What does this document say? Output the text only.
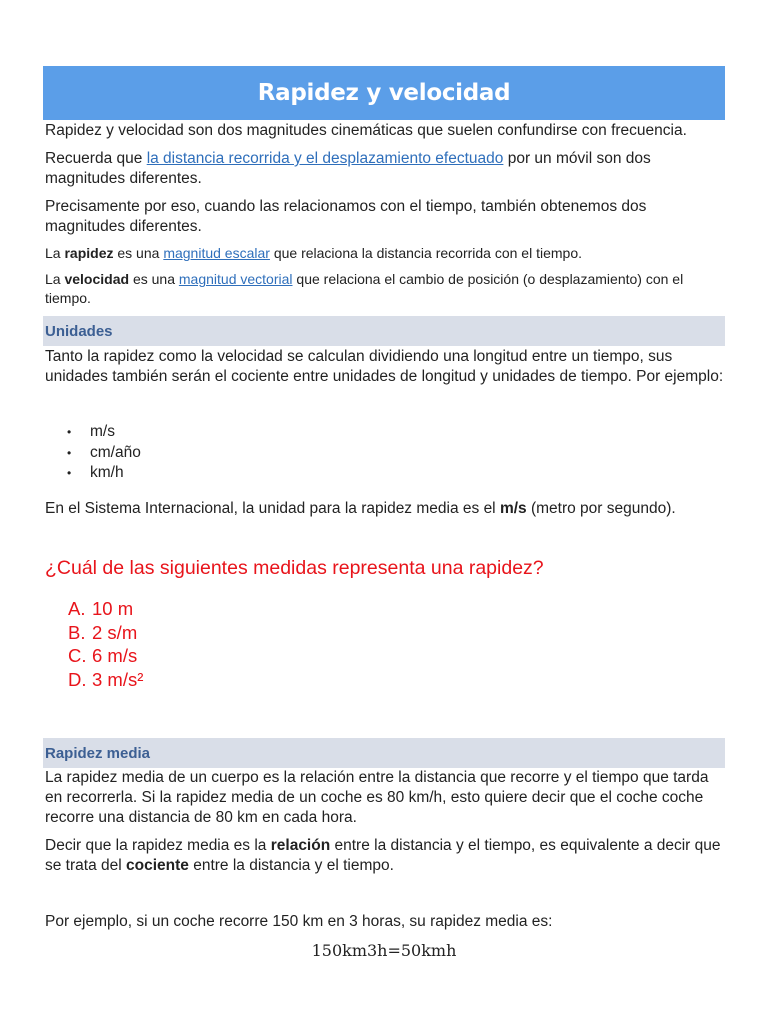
Rapidez y velocidad
Rapidez y velocidad son dos magnitudes cinemáticas que suelen confundirse con frecuencia.
Recuerda que la distancia recorrida y el desplazamiento efectuado por un móvil son dos magnitudes diferentes.
Precisamente por eso, cuando las relacionamos con el tiempo, también obtenemos dos magnitudes diferentes.
La rapidez es una magnitud escalar que relaciona la distancia recorrida con el tiempo.
La velocidad es una magnitud vectorial que relaciona el cambio de posición (o desplazamiento) con el tiempo.
Unidades
Tanto la rapidez como la velocidad se calculan dividiendo una longitud entre un tiempo, sus unidades también serán el cociente entre unidades de longitud y unidades de tiempo. Por ejemplo:
• m/s
• cm/año
• km/h
En el Sistema Internacional, la unidad para la rapidez media es el m/s (metro por segundo).
¿Cuál de las siguientes medidas representa una rapidez?
A. 10 m
B. 2 s/m
C. 6 m/s
D. 3 m/s²
Rapidez media
La rapidez media de un cuerpo es la relación entre la distancia que recorre y el tiempo que tarda en recorrerla. Si la rapidez media de un coche es 80 km/h, esto quiere decir que el coche coche recorre una distancia de 80 km en cada hora.
Decir que la rapidez media es la relación entre la distancia y el tiempo, es equivalente a decir que se trata del cociente entre la distancia y el tiempo.
Por ejemplo, si un coche recorre 150 km en 3 horas, su rapidez media es:
150km3h=50kmh
